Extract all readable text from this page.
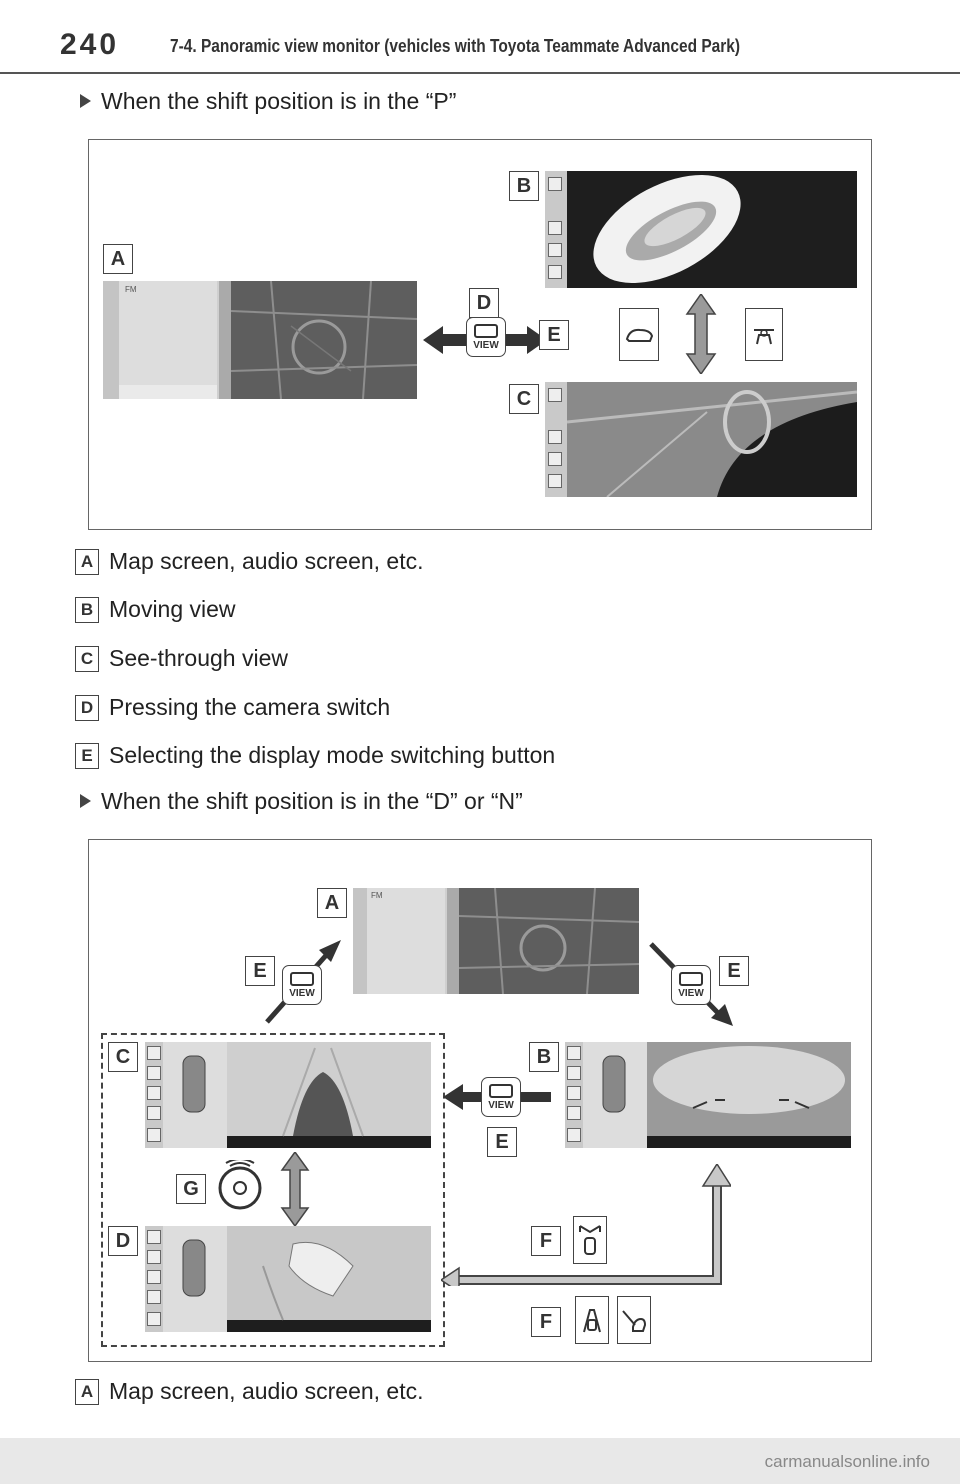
240	7-4. Panoramic view monitor (vehicles with Toyota Teammate Advanced Park)
When the shift position is in the “P”
A
FM
D
VIEW
B
E
C
A Map screen, audio screen, etc.
B Moving view
C See-through view
D Pressing the camera switch
E Selecting the display mode switching button
When the shift position is in the “D” or “N”
A	FM
E
VIEW
E
VIEW
C
G
D
B
VIEW
E
F
F
A Map screen, audio screen, etc.
carmanualsonline.info
